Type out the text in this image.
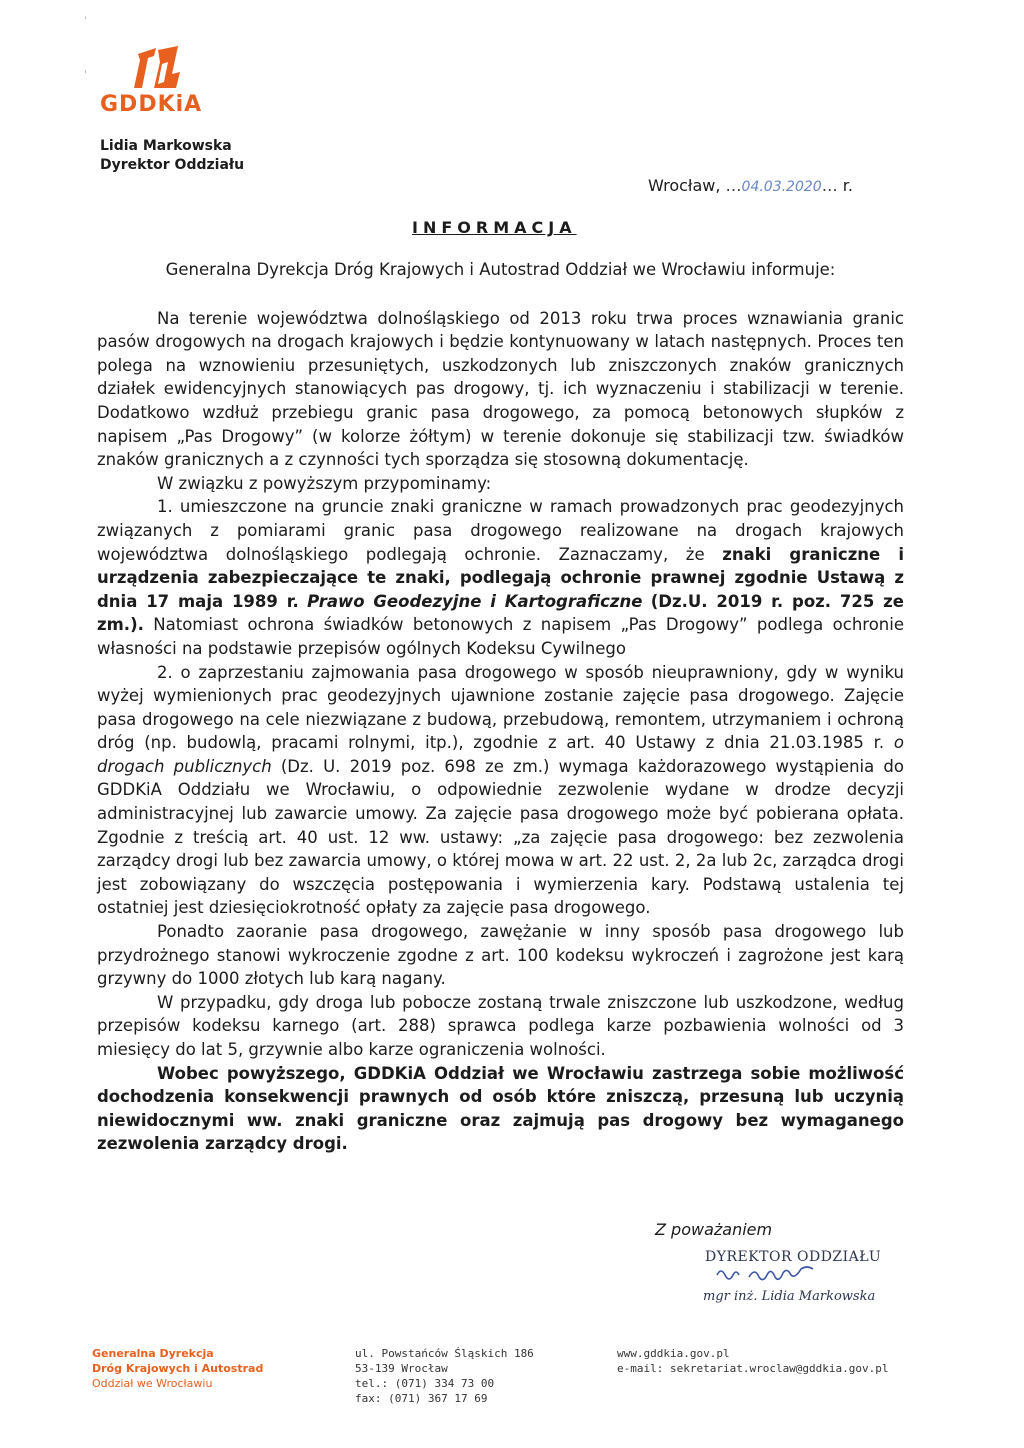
ˈ
ˈ
GDDKiA
Lidia Markowska
Dyrektor Oddziału
Wrocław, …04.03.2020… r.
INFORMACJA

Generalna Dyrekcja Dróg Krajowych i Autostrad Oddział we Wrocławiu informuje:

Na terenie województwa dolnośląskiego od 2013 roku trwa proces wznawiania granic pasów drogowych na drogach krajowych i będzie kontynuowany w latach następnych. Proces ten polega na wznowieniu przesuniętych, uszkodzonych lub zniszczonych znaków granicznych działek ewidencyjnych stanowiących pas drogowy, tj. ich wyznaczeniu i stabilizacji w terenie. Dodatkowo wzdłuż przebiegu granic pasa drogowego, za pomocą betonowych słupków z napisem „Pas Drogowy” (w kolorze żółtym) w terenie dokonuje się stabilizacji tzw. świadków znaków granicznych a z czynności tych sporządza się stosowną dokumentację.

W związku z powyższym przypominamy:

1. umieszczone na gruncie znaki graniczne w ramach prowadzonych prac geodezyjnych związanych z pomiarami granic pasa drogowego realizowane na drogach krajowych województwa dolnośląskiego podlegają ochronie. Zaznaczamy, że znaki graniczne i urządzenia zabezpieczające te znaki, podlegają ochronie prawnej zgodnie Ustawą z dnia 17 maja 1989 r. Prawo Geodezyjne i Kartograficzne (Dz.U. 2019 r. poz. 725 ze zm.). Natomiast ochrona świadków betonowych z napisem „Pas Drogowy” podlega ochronie własności na podstawie przepisów ogólnych Kodeksu Cywilnego

2. o zaprzestaniu zajmowania pasa drogowego w sposób nieuprawniony, gdy w wyniku wyżej wymienionych prac geodezyjnych ujawnione zostanie zajęcie pasa drogowego. Zajęcie pasa drogowego na cele niezwiązane z budową, przebudową, remontem, utrzymaniem i ochroną dróg (np. budowlą, pracami rolnymi, itp.), zgodnie z art. 40 Ustawy z dnia 21.03.1985 r. o drogach publicznych (Dz. U. 2019 poz. 698 ze zm.) wymaga każdorazowego wystąpienia do GDDKiA Oddziału we Wrocławiu, o odpowiednie zezwolenie wydane w drodze decyzji administracyjnej lub zawarcie umowy. Za zajęcie pasa drogowego może być pobierana opłata. Zgodnie z treścią art. 40 ust. 12 ww. ustawy: „za zajęcie pasa drogowego: bez zezwolenia zarządcy drogi lub bez zawarcia umowy, o której mowa w art. 22 ust. 2, 2a lub 2c, zarządca drogi jest zobowiązany do wszczęcia postępowania i wymierzenia kary. Podstawą ustalenia tej ostatniej jest dziesięciokrotność opłaty za zajęcie pasa drogowego.

Ponadto zaoranie pasa drogowego, zawężanie w inny sposób pasa drogowego lub przydrożnego stanowi wykroczenie zgodne z art. 100 kodeksu wykroczeń i zagrożone jest karą grzywny do 1000 złotych lub karą nagany.

W przypadku, gdy droga lub pobocze zostaną trwale zniszczone lub uszkodzone, według przepisów kodeksu karnego (art. 288) sprawca podlega karze pozbawienia wolności od 3 miesięcy do lat 5, grzywnie albo karze ograniczenia wolności.

Wobec powyższego, GDDKiA Oddział we Wrocławiu zastrzega sobie możliwość dochodzenia konsekwencji prawnych od osób które zniszczą, przesuną lub uczynią niewidocznymi ww. znaki graniczne oraz zajmują pas drogowy bez wymaganego zezwolenia zarządcy drogi.

Z poważaniem
DYREKTOR ODDZIAŁU
mgr inż. Lidia Markowska
Generalna Dyrekcja
Dróg Krajowych i Autostrad
Oddział we Wrocławiu
ul. Powstańców Śląskich 186
53-139 Wrocław
tel.: (071) 334 73 00
fax: (071) 367 17 69
www.gddkia.gov.pl
e-mail: sekretariat.wroclaw@gddkia.gov.pl
